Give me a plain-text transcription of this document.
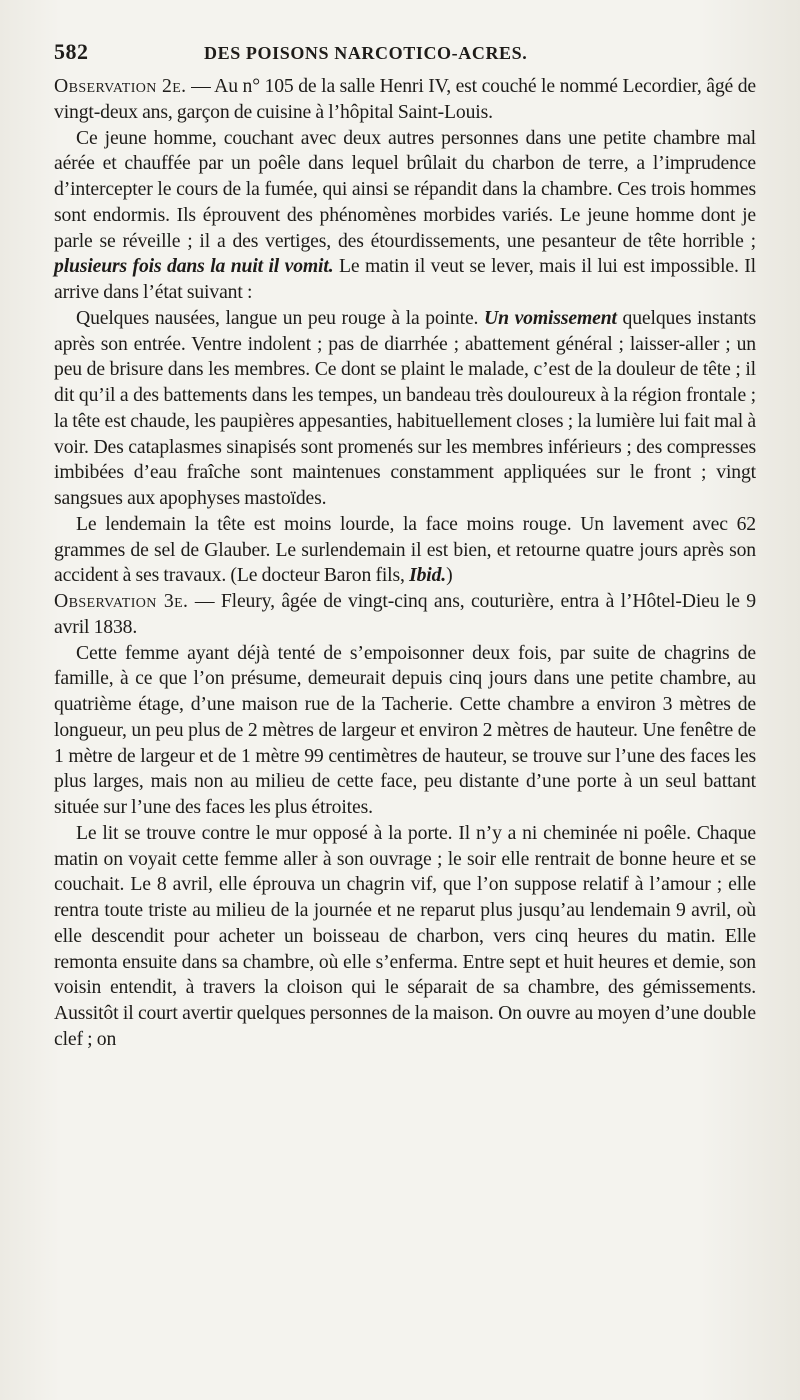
582	DES POISONS NARCOTICO-ACRES.

Observation 2e. — Au n° 105 de la salle Henri IV, est couché le nommé Lecordier, âgé de vingt-deux ans, garçon de cuisine à l’hôpital Saint-Louis.

Ce jeune homme, couchant avec deux autres personnes dans une petite chambre mal aérée et chauffée par un poêle dans lequel brûlait du charbon de terre, a l’imprudence d’intercepter le cours de la fumée, qui ainsi se répandit dans la chambre. Ces trois hommes sont endormis. Ils éprouvent des phénomènes morbides variés. Le jeune homme dont je parle se réveille ; il a des vertiges, des étourdissements, une pesanteur de tête horrible ; plusieurs fois dans la nuit il vomit. Le matin il veut se lever, mais il lui est impossible. Il arrive dans l’état suivant :

Quelques nausées, langue un peu rouge à la pointe. Un vomissement quelques instants après son entrée. Ventre indolent ; pas de diarrhée ; abattement général ; laisser-aller ; un peu de brisure dans les membres. Ce dont se plaint le malade, c’est de la douleur de tête ; il dit qu’il a des battements dans les tempes, un bandeau très douloureux à la région frontale ; la tête est chaude, les paupières appesanties, habituellement closes ; la lumière lui fait mal à voir. Des cataplasmes sinapisés sont promenés sur les membres inférieurs ; des compresses imbibées d’eau fraîche sont maintenues constamment appliquées sur le front ; vingt sangsues aux apophyses mastoïdes.

Le lendemain la tête est moins lourde, la face moins rouge. Un lavement avec 62 grammes de sel de Glauber. Le surlendemain il est bien, et retourne quatre jours après son accident à ses travaux. (Le docteur Baron fils, Ibid.)

Observation 3e. — Fleury, âgée de vingt-cinq ans, couturière, entra à l’Hôtel-Dieu le 9 avril 1838.

Cette femme ayant déjà tenté de s’empoisonner deux fois, par suite de chagrins de famille, à ce que l’on présume, demeurait depuis cinq jours dans une petite chambre, au quatrième étage, d’une maison rue de la Tacherie. Cette chambre a environ 3 mètres de longueur, un peu plus de 2 mètres de largeur et environ 2 mètres de hauteur. Une fenêtre de 1 mètre de largeur et de 1 mètre 99 centimètres de hauteur, se trouve sur l’une des faces les plus larges, mais non au milieu de cette face, peu distante d’une porte à un seul battant située sur l’une des faces les plus étroites.

Le lit se trouve contre le mur opposé à la porte. Il n’y a ni cheminée ni poêle. Chaque matin on voyait cette femme aller à son ouvrage ; le soir elle rentrait de bonne heure et se couchait. Le 8 avril, elle éprouva un chagrin vif, que l’on suppose relatif à l’amour ; elle rentra toute triste au milieu de la journée et ne reparut plus jusqu’au lendemain 9 avril, où elle descendit pour acheter un boisseau de charbon, vers cinq heures du matin. Elle remonta ensuite dans sa chambre, où elle s’enferma. Entre sept et huit heures et demie, son voisin entendit, à travers la cloison qui le séparait de sa chambre, des gémissements. Aussitôt il court avertir quelques personnes de la maison. On ouvre au moyen d’une double clef ; on
